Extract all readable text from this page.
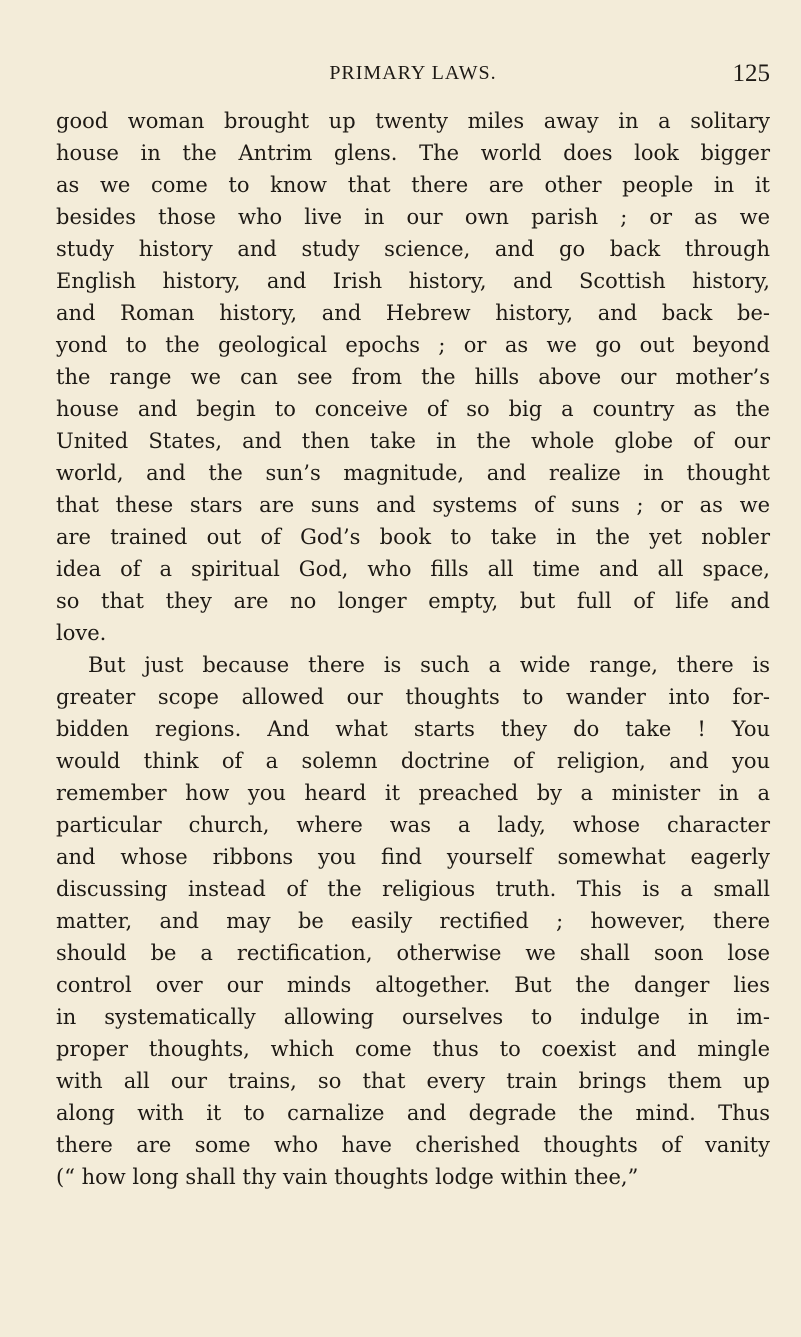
PRIMARY LAWS.	125
good woman brought up twenty miles away in a solitary
house in the Antrim glens. The world does look bigger
as we come to know that there are other people in it
besides those who live in our own parish ; or as we
study history and study science, and go back through
English history, and Irish history, and Scottish history,
and Roman history, and Hebrew history, and back be-
yond to the geological epochs ; or as we go out beyond
the range we can see from the hills above our mother’s
house and begin to conceive of so big a country as the
United States, and then take in the whole globe of our
world, and the sun’s magnitude, and realize in thought
that these stars are suns and systems of suns ; or as we
are trained out of God’s book to take in the yet nobler
idea of a spiritual God, who fills all time and all space,
so that they are no longer empty, but full of life and
love.
But just because there is such a wide range, there is
greater scope allowed our thoughts to wander into for-
bidden regions. And what starts they do take ! You
would think of a solemn doctrine of religion, and you
remember how you heard it preached by a minister in a
particular church, where was a lady, whose character
and whose ribbons you find yourself somewhat eagerly
discussing instead of the religious truth. This is a small
matter, and may be easily rectified ; however, there
should be a rectification, otherwise we shall soon lose
control over our minds altogether. But the danger lies
in systematically allowing ourselves to indulge in im-
proper thoughts, which come thus to coexist and mingle
with all our trains, so that every train brings them up
along with it to carnalize and degrade the mind. Thus
there are some who have cherished thoughts of vanity
(“ how long shall thy vain thoughts lodge within thee,”
